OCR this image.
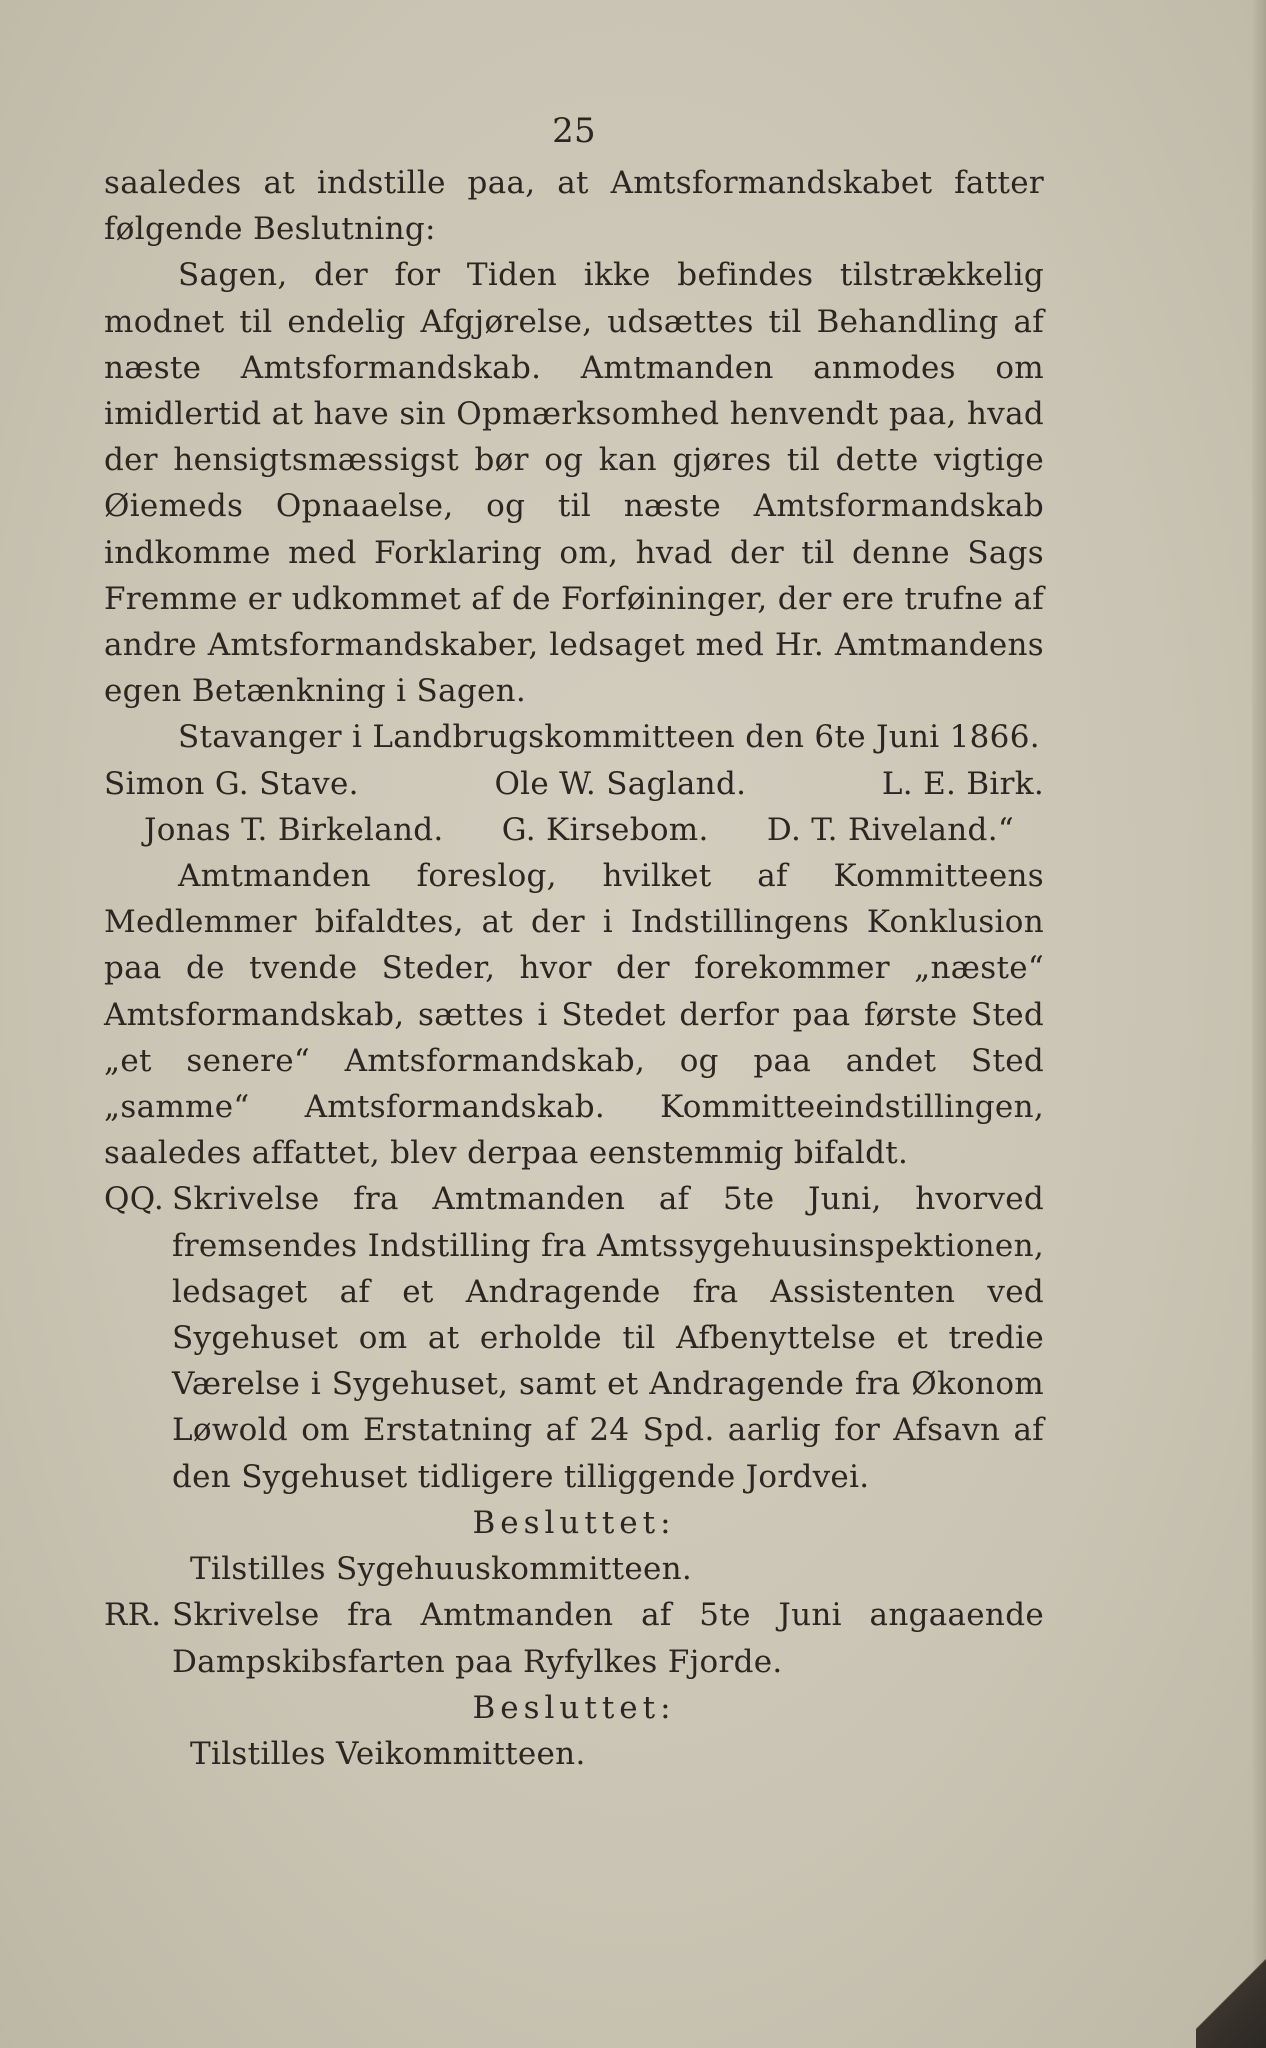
25

saaledes at indstille paa, at Amtsformandskabet fatter følgende Beslutning:

Sagen, der for Tiden ikke befindes tilstrækkelig modnet til endelig Afgjørelse, udsættes til Behandling af næste Amtsformandskab. Amtmanden anmodes om imidlertid at have sin Opmærksomhed henvendt paa, hvad der hensigtsmæssigst bør og kan gjøres til dette vigtige Øiemeds Opnaaelse, og til næste Amtsformandskab indkomme med Forklaring om, hvad der til denne Sags Fremme er udkommet af de Forføininger, der ere trufne af andre Amtsformandskaber, ledsaget med Hr. Amtmandens egen Betænkning i Sagen.

Stavanger i Landbrugskommitteen den 6te Juni 1866.

Simon G. Stave.	Ole W. Sagland.	L. E. Birk.
Jonas T. Birkeland. G. Kirsebom. D. T. Riveland.“

Amtmanden foreslog, hvilket af Kommitteens Medlemmer bifaldtes, at der i Indstillingens Konklusion paa de tvende Steder, hvor der forekommer „næste“ Amtsformandskab, sættes i Stedet derfor paa første Sted „et senere“ Amtsformandskab, og paa andet Sted „samme“ Amtsformandskab. Kommitteeindstillingen, saaledes affattet, blev derpaa eenstemmig bifaldt.

QQ. Skrivelse fra Amtmanden af 5te Juni, hvorved fremsendes Indstilling fra Amtssygehuusinspektionen, ledsaget af et Andragende fra Assistenten ved Sygehuset om at erholde til Afbenyttelse et tredie Værelse i Sygehuset, samt et Andragende fra Økonom Løwold om Erstatning af 24 Spd. aarlig for Afsavn af den Sygehuset tidligere tilliggende Jordvei.

Besluttet:

Tilstilles Sygehuuskommitteen.

RR. Skrivelse fra Amtmanden af 5te Juni angaaende Dampskibsfarten paa Ryfylkes Fjorde.

Besluttet:

Tilstilles Veikommitteen.
